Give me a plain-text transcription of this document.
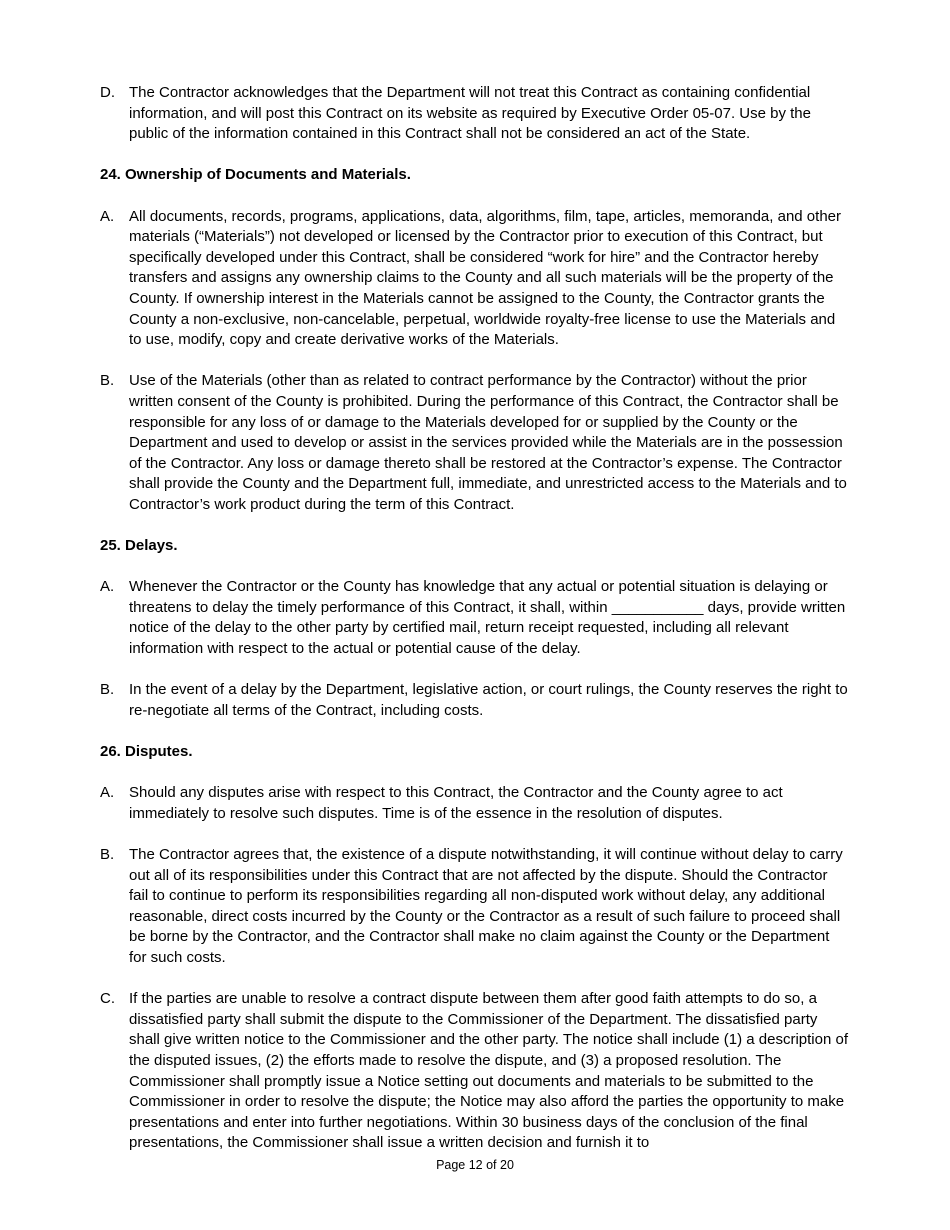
D. The Contractor acknowledges that the Department will not treat this Contract as containing confidential information, and will post this Contract on its website as required by Executive Order 05-07. Use by the public of the information contained in this Contract shall not be considered an act of the State.
24. Ownership of Documents and Materials.
A. All documents, records, programs, applications, data, algorithms, film, tape, articles, memoranda, and other materials (“Materials”) not developed or licensed by the Contractor prior to execution of this Contract, but specifically developed under this Contract, shall be considered “work for hire” and the Contractor hereby transfers and assigns any ownership claims to the County and all such materials will be the property of the County. If ownership interest in the Materials cannot be assigned to the County, the Contractor grants the County a non-exclusive, non-cancelable, perpetual, worldwide royalty-free license to use the Materials and to use, modify, copy and create derivative works of the Materials.
B. Use of the Materials (other than as related to contract performance by the Contractor) without the prior written consent of the County is prohibited. During the performance of this Contract, the Contractor shall be responsible for any loss of or damage to the Materials developed for or supplied by the County or the Department and used to develop or assist in the services provided while the Materials are in the possession of the Contractor. Any loss or damage thereto shall be restored at the Contractor’s expense. The Contractor shall provide the County and the Department full, immediate, and unrestricted access to the Materials and to Contractor’s work product during the term of this Contract.
25. Delays.
A. Whenever the Contractor or the County has knowledge that any actual or potential situation is delaying or threatens to delay the timely performance of this Contract, it shall, within ___________ days, provide written notice of the delay to the other party by certified mail, return receipt requested, including all relevant information with respect to the actual or potential cause of the delay.
B. In the event of a delay by the Department, legislative action, or court rulings, the County reserves the right to re-negotiate all terms of the Contract, including costs.
26. Disputes.
A. Should any disputes arise with respect to this Contract, the Contractor and the County agree to act immediately to resolve such disputes. Time is of the essence in the resolution of disputes.
B. The Contractor agrees that, the existence of a dispute notwithstanding, it will continue without delay to carry out all of its responsibilities under this Contract that are not affected by the dispute. Should the Contractor fail to continue to perform its responsibilities regarding all non-disputed work without delay, any additional reasonable, direct costs incurred by the County or the Contractor as a result of such failure to proceed shall be borne by the Contractor, and the Contractor shall make no claim against the County or the Department for such costs.
C. If the parties are unable to resolve a contract dispute between them after good faith attempts to do so, a dissatisfied party shall submit the dispute to the Commissioner of the Department. The dissatisfied party shall give written notice to the Commissioner and the other party. The notice shall include (1) a description of the disputed issues, (2) the efforts made to resolve the dispute, and (3) a proposed resolution. The Commissioner shall promptly issue a Notice setting out documents and materials to be submitted to the Commissioner in order to resolve the dispute; the Notice may also afford the parties the opportunity to make presentations and enter into further negotiations. Within 30 business days of the conclusion of the final presentations, the Commissioner shall issue a written decision and furnish it to
Page 12 of 20
